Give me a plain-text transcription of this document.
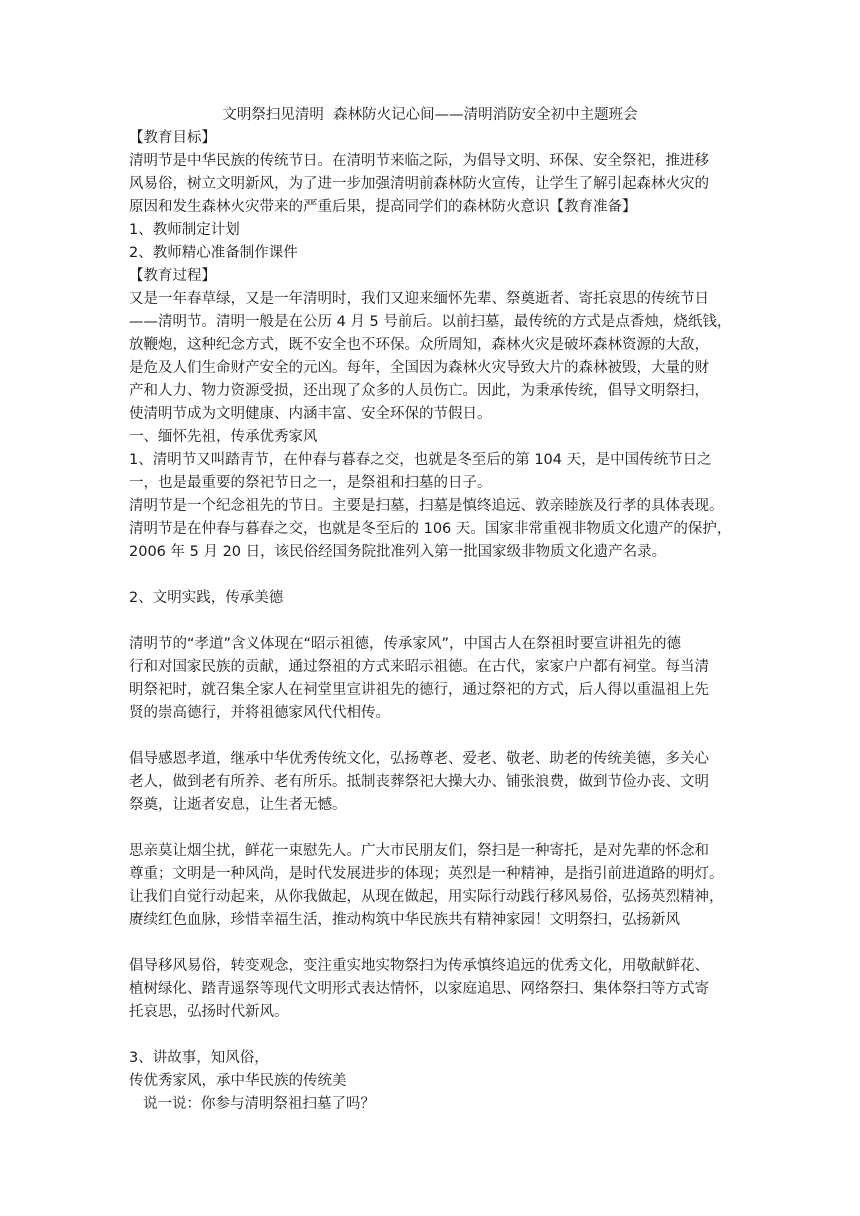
文明祭扫见清明  森林防火记心间——清明消防安全初中主题班会
【教育目标】
清明节是中华民族的传统节日。在清明节来临之际，为倡导文明、环保、安全祭祀，推进移
风易俗，树立文明新风，为了进一步加强清明前森林防火宣传，让学生了解引起森林火灾的
原因和发生森林火灾带来的严重后果，提高同学们的森林防火意识【教育准备】
1、教师制定计划
2、教师精心准备制作课件
【教育过程】
又是一年春草绿，又是一年清明时，我们又迎来缅怀先辈、祭奠逝者、寄托哀思的传统节日
——清明节。清明一般是在公历 4 月 5 号前后。以前扫墓，最传统的方式是点香烛，烧纸钱，
放鞭炮，这种纪念方式，既不安全也不环保。众所周知，森林火灾是破坏森林资源的大敌，
是危及人们生命财产安全的元凶。每年，全国因为森林火灾导致大片的森林被毁，大量的财
产和人力、物力资源受损，还出现了众多的人员伤亡。因此，为秉承传统，倡导文明祭扫，
使清明节成为文明健康、内涵丰富、安全环保的节假日。
一、缅怀先祖，传承优秀家风
1、清明节又叫踏青节，在仲春与暮春之交，也就是冬至后的第 104 天，是中国传统节日之
一，也是最重要的祭祀节日之一，是祭祖和扫墓的日子。
清明节是一个纪念祖先的节日。主要是扫墓，扫墓是慎终追远、敦亲睦族及行孝的具体表现。
清明节是在仲春与暮春之交，也就是冬至后的 106 天。国家非常重视非物质文化遗产的保护，
2006 年 5 月 20 日，该民俗经国务院批准列入第一批国家级非物质文化遗产名录。
2、文明实践，传承美德
清明节的“孝道”含义体现在“昭示祖德，传承家风”，中国古人在祭祖时要宣讲祖先的德
行和对国家民族的贡献，通过祭祖的方式来昭示祖德。在古代，家家户户都有祠堂。每当清
明祭祀时，就召集全家人在祠堂里宣讲祖先的德行，通过祭祀的方式，后人得以重温祖上先
贤的崇高德行，并将祖德家风代代相传。
倡导感恩孝道，继承中华优秀传统文化，弘扬尊老、爱老、敬老、助老的传统美德，多关心
老人，做到老有所养、老有所乐。抵制丧葬祭祀大操大办、铺张浪费，做到节俭办丧、文明
祭奠，让逝者安息，让生者无憾。
思亲莫让烟尘扰，鲜花一束慰先人。广大市民朋友们，祭扫是一种寄托，是对先辈的怀念和
尊重；文明是一种风尚，是时代发展进步的体现；英烈是一种精神，是指引前进道路的明灯。
让我们自觉行动起来，从你我做起，从现在做起，用实际行动践行移风易俗，弘扬英烈精神，
赓续红色血脉，珍惜幸福生活，推动构筑中华民族共有精神家园！文明祭扫，弘扬新风
倡导移风易俗，转变观念，变注重实地实物祭扫为传承慎终追远的优秀文化，用敬献鲜花、
植树绿化、踏青遥祭等现代文明形式表达情怀，以家庭追思、网络祭扫、集体祭扫等方式寄
托哀思，弘扬时代新风。
3、讲故事，知风俗，
传优秀家风，承中华民族的传统美
说一说：你参与清明祭祖扫墓了吗？
